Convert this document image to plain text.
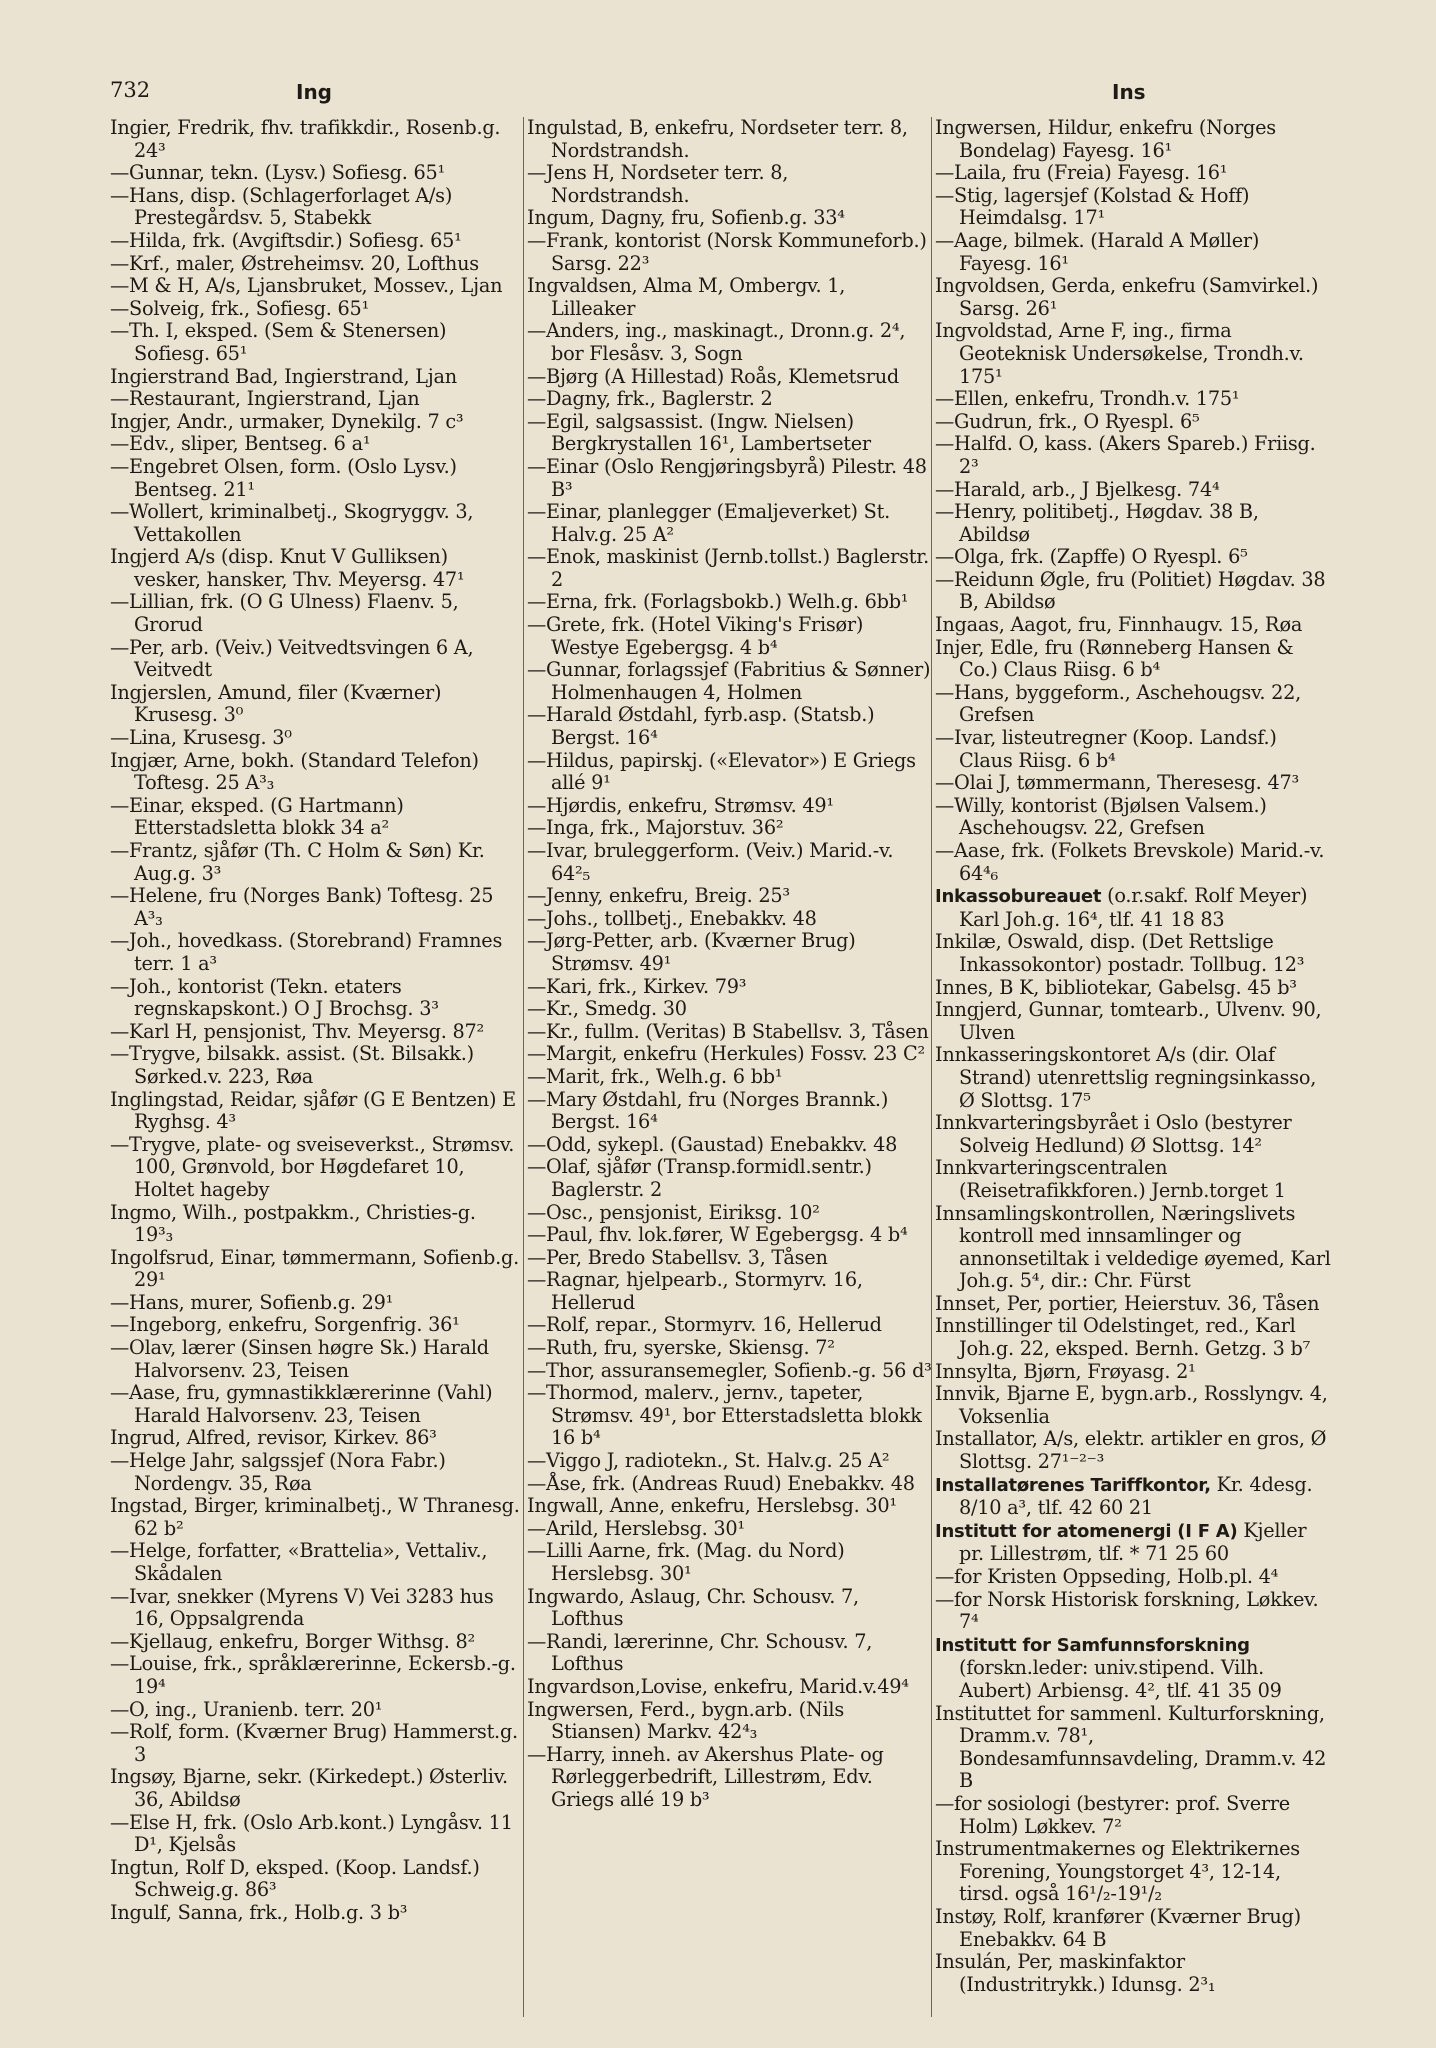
732	Ing	Ins
Ingier, Fredrik, fhv. trafikkdir., Rosenb.g. 24³
—Gunnar, tekn. (Lysv.) Sofiesg. 65¹
—Hans, disp. (Schlagerforlaget A/s) Prestegårdsv. 5, Stabekk
—Hilda, frk. (Avgiftsdir.) Sofiesg. 65¹
—Krf., maler, Østreheimsv. 20, Lofthus
—M & H, A/s, Ljansbruket, Mossev., Ljan
—Solveig, frk., Sofiesg. 65¹
—Th. I, eksped. (Sem & Stenersen) Sofiesg. 65¹
Ingierstrand Bad, Ingierstrand, Ljan
—Restaurant, Ingierstrand, Ljan
Ingjer, Andr., urmaker, Dynekilg. 7 c³
—Edv., sliper, Bentseg. 6 a¹
—Engebret Olsen, form. (Oslo Lysv.) Bentseg. 21¹
—Wollert, kriminalbetj., Skogryggv. 3, Vettakollen
Ingjerd A/s (disp. Knut V Gulliksen) vesker, hansker, Thv. Meyersg. 47¹
—Lillian, frk. (O G Ulness) Flaenv. 5, Grorud
—Per, arb. (Veiv.) Veitvedtsvingen 6 A, Veitvedt
Ingjerslen, Amund, filer (Kværner) Krusesg. 3⁰
—Lina, Krusesg. 3⁰
Ingjær, Arne, bokh. (Standard Telefon) Toftesg. 25 A³₃
—Einar, eksped. (G Hartmann) Etterstadsletta blokk 34 a²
—Frantz, sjåfør (Th. C Holm & Søn) Kr. Aug.g. 3³
—Helene, fru (Norges Bank) Toftesg. 25 A³₃
—Joh., hovedkass. (Storebrand) Framnes terr. 1 a³
—Joh., kontorist (Tekn. etaters regnskapskont.) O J Brochsg. 3³
—Karl H, pensjonist, Thv. Meyersg. 87²
—Trygve, bilsakk. assist. (St. Bilsakk.) Sørked.v. 223, Røa
Inglingstad, Reidar, sjåfør (G E Bentzen) E Ryghsg. 4³
—Trygve, plate- og sveiseverkst., Strømsv. 100, Grønvold, bor Høgdefaret 10, Holtet hageby
Ingmo, Wilh., postpakkm., Christies-g. 19³₃
Ingolfsrud, Einar, tømmermann, Sofienb.g. 29¹
—Hans, murer, Sofienb.g. 29¹
—Ingeborg, enkefru, Sorgenfrig. 36¹
—Olav, lærer (Sinsen høgre Sk.) Harald Halvorsenv. 23, Teisen
—Aase, fru, gymnastikklærerinne (Vahl) Harald Halvorsenv. 23, Teisen
Ingrud, Alfred, revisor, Kirkev. 86³
—Helge Jahr, salgssjef (Nora Fabr.) Nordengv. 35, Røa
Ingstad, Birger, kriminalbetj., W Thranesg. 62 b²
—Helge, forfatter, «Brattelia», Vettaliv., Skådalen
—Ivar, snekker (Myrens V) Vei 3283 hus 16, Oppsalgrenda
—Kjellaug, enkefru, Borger Withsg. 8²
—Louise, frk., språklærerinne, Eckersb.-g. 19⁴
—O, ing., Uranienb. terr. 20¹
—Rolf, form. (Kværner Brug) Hammerst.g. 3
Ingsøy, Bjarne, sekr. (Kirkedept.) Østerliv. 36, Abildsø
—Else H, frk. (Oslo Arb.kont.) Lyngåsv. 11 D¹, Kjelsås
Ingtun, Rolf D, eksped. (Koop. Landsf.) Schweig.g. 86³
Ingulf, Sanna, frk., Holb.g. 3 b³
Ingulstad, B, enkefru, Nordseter terr. 8, Nordstrandsh.
—Jens H, Nordseter terr. 8, Nordstrandsh.
Ingum, Dagny, fru, Sofienb.g. 33⁴
—Frank, kontorist (Norsk Kommuneforb.) Sarsg. 22³
Ingvaldsen, Alma M, Ombergv. 1, Lilleaker
—Anders, ing., maskinagt., Dronn.g. 2⁴, bor Flesåsv. 3, Sogn
—Bjørg (A Hillestad) Roås, Klemetsrud
—Dagny, frk., Baglerstr. 2
—Egil, salgsassist. (Ingw. Nielsen) Bergkrystallen 16¹, Lambertseter
—Einar (Oslo Rengjøringsbyrå) Pilestr. 48 B³
—Einar, planlegger (Emaljeverket) St. Halv.g. 25 A²
—Enok, maskinist (Jernb.tollst.) Baglerstr. 2
—Erna, frk. (Forlagsbokb.) Welh.g. 6bb¹
—Grete, frk. (Hotel Viking's Frisør) Westye Egebergsg. 4 b⁴
—Gunnar, forlagssjef (Fabritius & Sønner) Holmenhaugen 4, Holmen
—Harald Østdahl, fyrb.asp. (Statsb.) Bergst. 16⁴
—Hildus, papirskj. («Elevator») E Griegs allé 9¹
—Hjørdis, enkefru, Strømsv. 49¹
—Inga, frk., Majorstuv. 36²
—Ivar, bruleggerform. (Veiv.) Marid.-v. 64²₅
—Jenny, enkefru, Breig. 25³
—Johs., tollbetj., Enebakkv. 48
—Jørg-Petter, arb. (Kværner Brug) Strømsv. 49¹
—Kari, frk., Kirkev. 79³
—Kr., Smedg. 30
—Kr., fullm. (Veritas) B Stabellsv. 3, Tåsen
—Margit, enkefru (Herkules) Fossv. 23 C²
—Marit, frk., Welh.g. 6 bb¹
—Mary Østdahl, fru (Norges Brannk.) Bergst. 16⁴
—Odd, sykepl. (Gaustad) Enebakkv. 48
—Olaf, sjåfør (Transp.formidl.sentr.) Baglerstr. 2
—Osc., pensjonist, Eiriksg. 10²
—Paul, fhv. lok.fører, W Egebergsg. 4 b⁴
—Per, Bredo Stabellsv. 3, Tåsen
—Ragnar, hjelpearb., Stormyrv. 16, Hellerud
—Rolf, repar., Stormyrv. 16, Hellerud
—Ruth, fru, syerske, Skiensg. 7²
—Thor, assuransemegler, Sofienb.-g. 56 d³
—Thormod, malerv., jernv., tapeter, Strømsv. 49¹, bor Etterstadsletta blokk 16 b⁴
—Viggo J, radiotekn., St. Halv.g. 25 A²
—Åse, frk. (Andreas Ruud) Enebakkv. 48
Ingwall, Anne, enkefru, Herslebsg. 30¹
—Arild, Herslebsg. 30¹
—Lilli Aarne, frk. (Mag. du Nord) Herslebsg. 30¹
Ingwardo, Aslaug, Chr. Schousv. 7, Lofthus
—Randi, lærerinne, Chr. Schousv. 7, Lofthus
Ingvardson,Lovise, enkefru, Marid.v.49⁴
Ingwersen, Ferd., bygn.arb. (Nils Stiansen) Markv. 42⁴₃
—Harry, inneh. av Akershus Plate- og Rørleggerbedrift, Lillestrøm, Edv. Griegs allé 19 b³
Ingwersen, Hildur, enkefru (Norges Bondelag) Fayesg. 16¹
—Laila, fru (Freia) Fayesg. 16¹
—Stig, lagersjef (Kolstad & Hoff) Heimdalsg. 17¹
—Aage, bilmek. (Harald A Møller) Fayesg. 16¹
Ingvoldsen, Gerda, enkefru (Samvirkel.) Sarsg. 26¹
Ingvoldstad, Arne F, ing., firma Geoteknisk Undersøkelse, Trondh.v. 175¹
—Ellen, enkefru, Trondh.v. 175¹
—Gudrun, frk., O Ryespl. 6⁵
—Halfd. O, kass. (Akers Spareb.) Friisg. 2³
—Harald, arb., J Bjelkesg. 74⁴
—Henry, politibetj., Høgdav. 38 B, Abildsø
—Olga, frk. (Zapffe) O Ryespl. 6⁵
—Reidunn Øgle, fru (Politiet) Høgdav. 38 B, Abildsø
Ingaas, Aagot, fru, Finnhaugv. 15, Røa
Injer, Edle, fru (Rønneberg Hansen & Co.) Claus Riisg. 6 b⁴
—Hans, byggeform., Aschehougsv. 22, Grefsen
—Ivar, listeutregner (Koop. Landsf.) Claus Riisg. 6 b⁴
—Olai J, tømmermann, Theresesg. 47³
—Willy, kontorist (Bjølsen Valsem.) Aschehougsv. 22, Grefsen
—Aase, frk. (Folkets Brevskole) Marid.-v. 64⁴₆
Inkassobureauet (o.r.sakf. Rolf Meyer) Karl Joh.g. 16⁴, tlf. 41 18 83
Inkilæ, Oswald, disp. (Det Rettslige Inkassokontor) postadr. Tollbug. 12³
Innes, B K, bibliotekar, Gabelsg. 45 b³
Inngjerd, Gunnar, tomtearb., Ulvenv. 90, Ulven
Innkasseringskontoret A/s (dir. Olaf Strand) utenrettslig regningsinkasso, Ø Slottsg. 17⁵
Innkvarteringsbyrået i Oslo (bestyrer Solveig Hedlund) Ø Slottsg. 14²
Innkvarteringscentralen (Reisetrafikkforen.) Jernb.torget 1
Innsamlingskontrollen, Næringslivets kontroll med innsamlinger og annonsetiltak i veldedige øyemed, Karl Joh.g. 5⁴, dir.: Chr. Fürst
Innset, Per, portier, Heierstuv. 36, Tåsen
Innstillinger til Odelstinget, red., Karl Joh.g. 22, eksped. Bernh. Getzg. 3 b⁷
Innsylta, Bjørn, Frøyasg. 2¹
Innvik, Bjarne E, bygn.arb., Rosslyngv. 4, Voksenlia
Installator, A/s, elektr. artikler en gros, Ø Slottsg. 27¹⁻²⁻³
Installatørenes Tariffkontor, Kr. 4desg. 8/10 a³, tlf. 42 60 21
Institutt for atomenergi (I F A) Kjeller pr. Lillestrøm, tlf. * 71 25 60
—for Kristen Oppseding, Holb.pl. 4⁴
—for Norsk Historisk forskning, Løkkev. 7⁴
Institutt for Samfunnsforskning (forskn.leder: univ.stipend. Vilh. Aubert) Arbiensg. 4², tlf. 41 35 09
Instituttet for sammenl. Kulturforskning, Dramm.v. 78¹, Bondesamfunnsavdeling, Dramm.v. 42 B
—for sosiologi (bestyrer: prof. Sverre Holm) Løkkev. 7²
Instrumentmakernes og Elektrikernes Forening, Youngstorget 4³, 12-14, tirsd. også 16¹/₂-19¹/₂
Instøy, Rolf, kranfører (Kværner Brug) Enebakkv. 64 B
Insulán, Per, maskinfaktor (Industritrykk.) Idunsg. 2³₁
